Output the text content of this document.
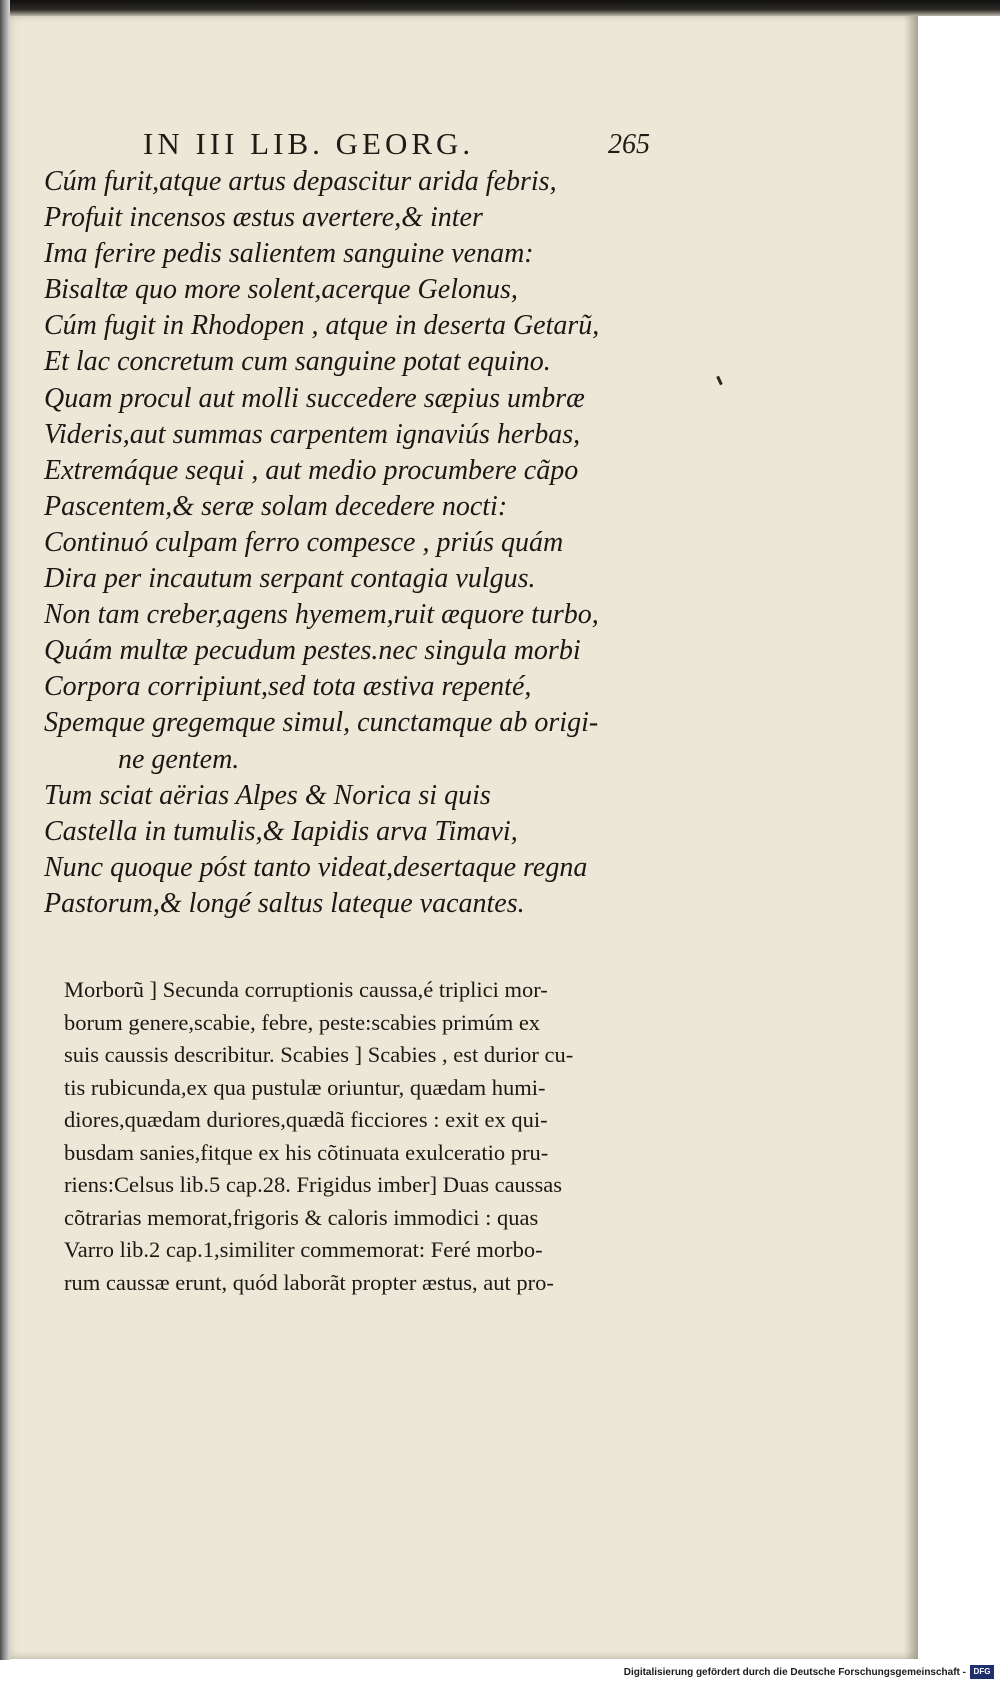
IN III LIB. GEORG.	265
Cúm furit,atque artus depascitur arida febris,
Profuit incensos æstus avertere,& inter
Ima ferire pedis salientem sanguine venam:
Bisaltæ quo more solent,acerque Gelonus,
Cúm fugit in Rhodopen , atque in deserta Getarũ,
Et lac concretum cum sanguine potat equino.
Quam procul aut molli succedere sæpius umbræ
Videris,aut summas carpentem ignaviús herbas,
Extremáque sequi , aut medio procumbere cãpo
Pascentem,& seræ solam decedere nocti:
Continuó culpam ferro compesce , priús quám
Dira per incautum serpant contagia vulgus.
Non tam creber,agens hyemem,ruit æquore turbo,
Quám multæ pecudum pestes.nec singula morbi
Corpora corripiunt,sed tota æstiva repenté,
Spemque gregemque simul, cunctamque ab origi-
ne gentem.
Tum sciat aërias Alpes & Norica si quis
Castella in tumulis,& Iapidis arva Timavi,
Nunc quoque póst tanto videat,desertaque regna
Pastorum,& longé saltus lateque vacantes.
Morborũ ] Secunda corruptionis caussa,é triplici mor-
borum genere,scabie, febre, peste:scabies primúm ex
suis caussis describitur. Scabies ] Scabies , est durior cu-
tis rubicunda,ex qua pustulæ oriuntur, quædam humi-
diores,quædam duriores,quædã ficciores : exit ex qui-
busdam sanies,fitque ex his cõtinuata exulceratio pru-
riens:Celsus lib.5 cap.28. Frigidus imber] Duas caussas
cõtrarias memorat,frigoris & caloris immodici : quas
Varro lib.2 cap.1,similiter commemorat: Feré morbo-
rum caussæ erunt, quód laborãt propter æstus, aut pro-
Digitalisierung gefördert durch die Deutsche Forschungsgemeinschaft - DFG
